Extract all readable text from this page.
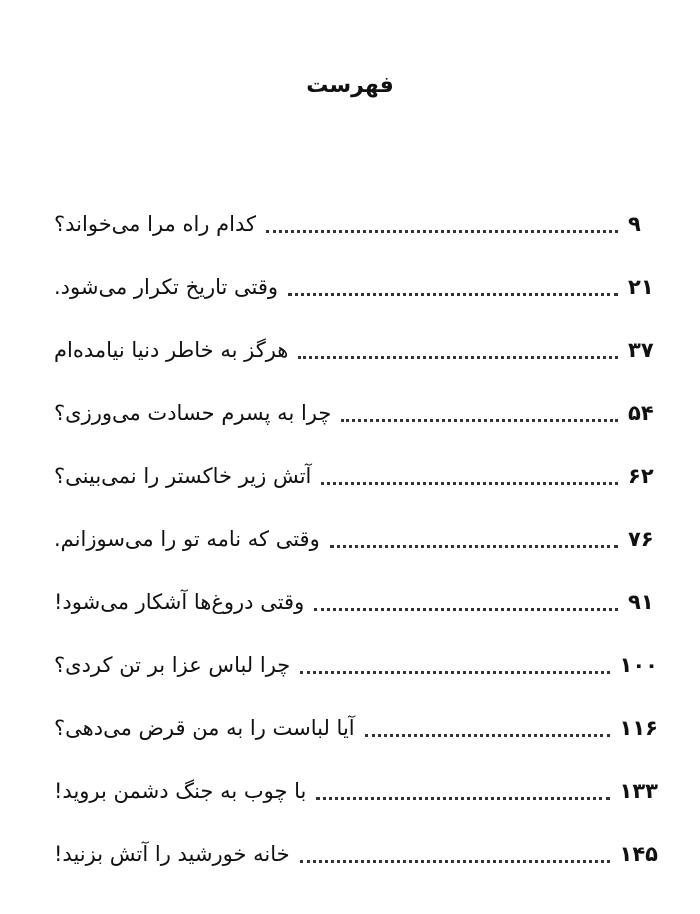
فهرست
کدام راه مرا می‌خواند؟	۹
وقتی تاریخ تکرار می‌شود.	۲۱
هرگز به خاطر دنیا نیامده‌ام	۳۷
چرا به پسرم حسادت می‌ورزی؟	۵۴
آتش زیر خاکستر را نمی‌بینی؟	۶۲
وقتی که نامه تو را می‌سوزانم.	۷۶
وقتی دروغ‌ها آشکار می‌شود!	۹۱
چرا لباس عزا بر تن کردی؟	۱۰۰
آیا لباست را به من قرض می‌دهی؟	۱۱۶
با چوب به جنگ دشمن بروید!	۱۳۳
خانه خورشید را آتش بزنید!	۱۴۵
